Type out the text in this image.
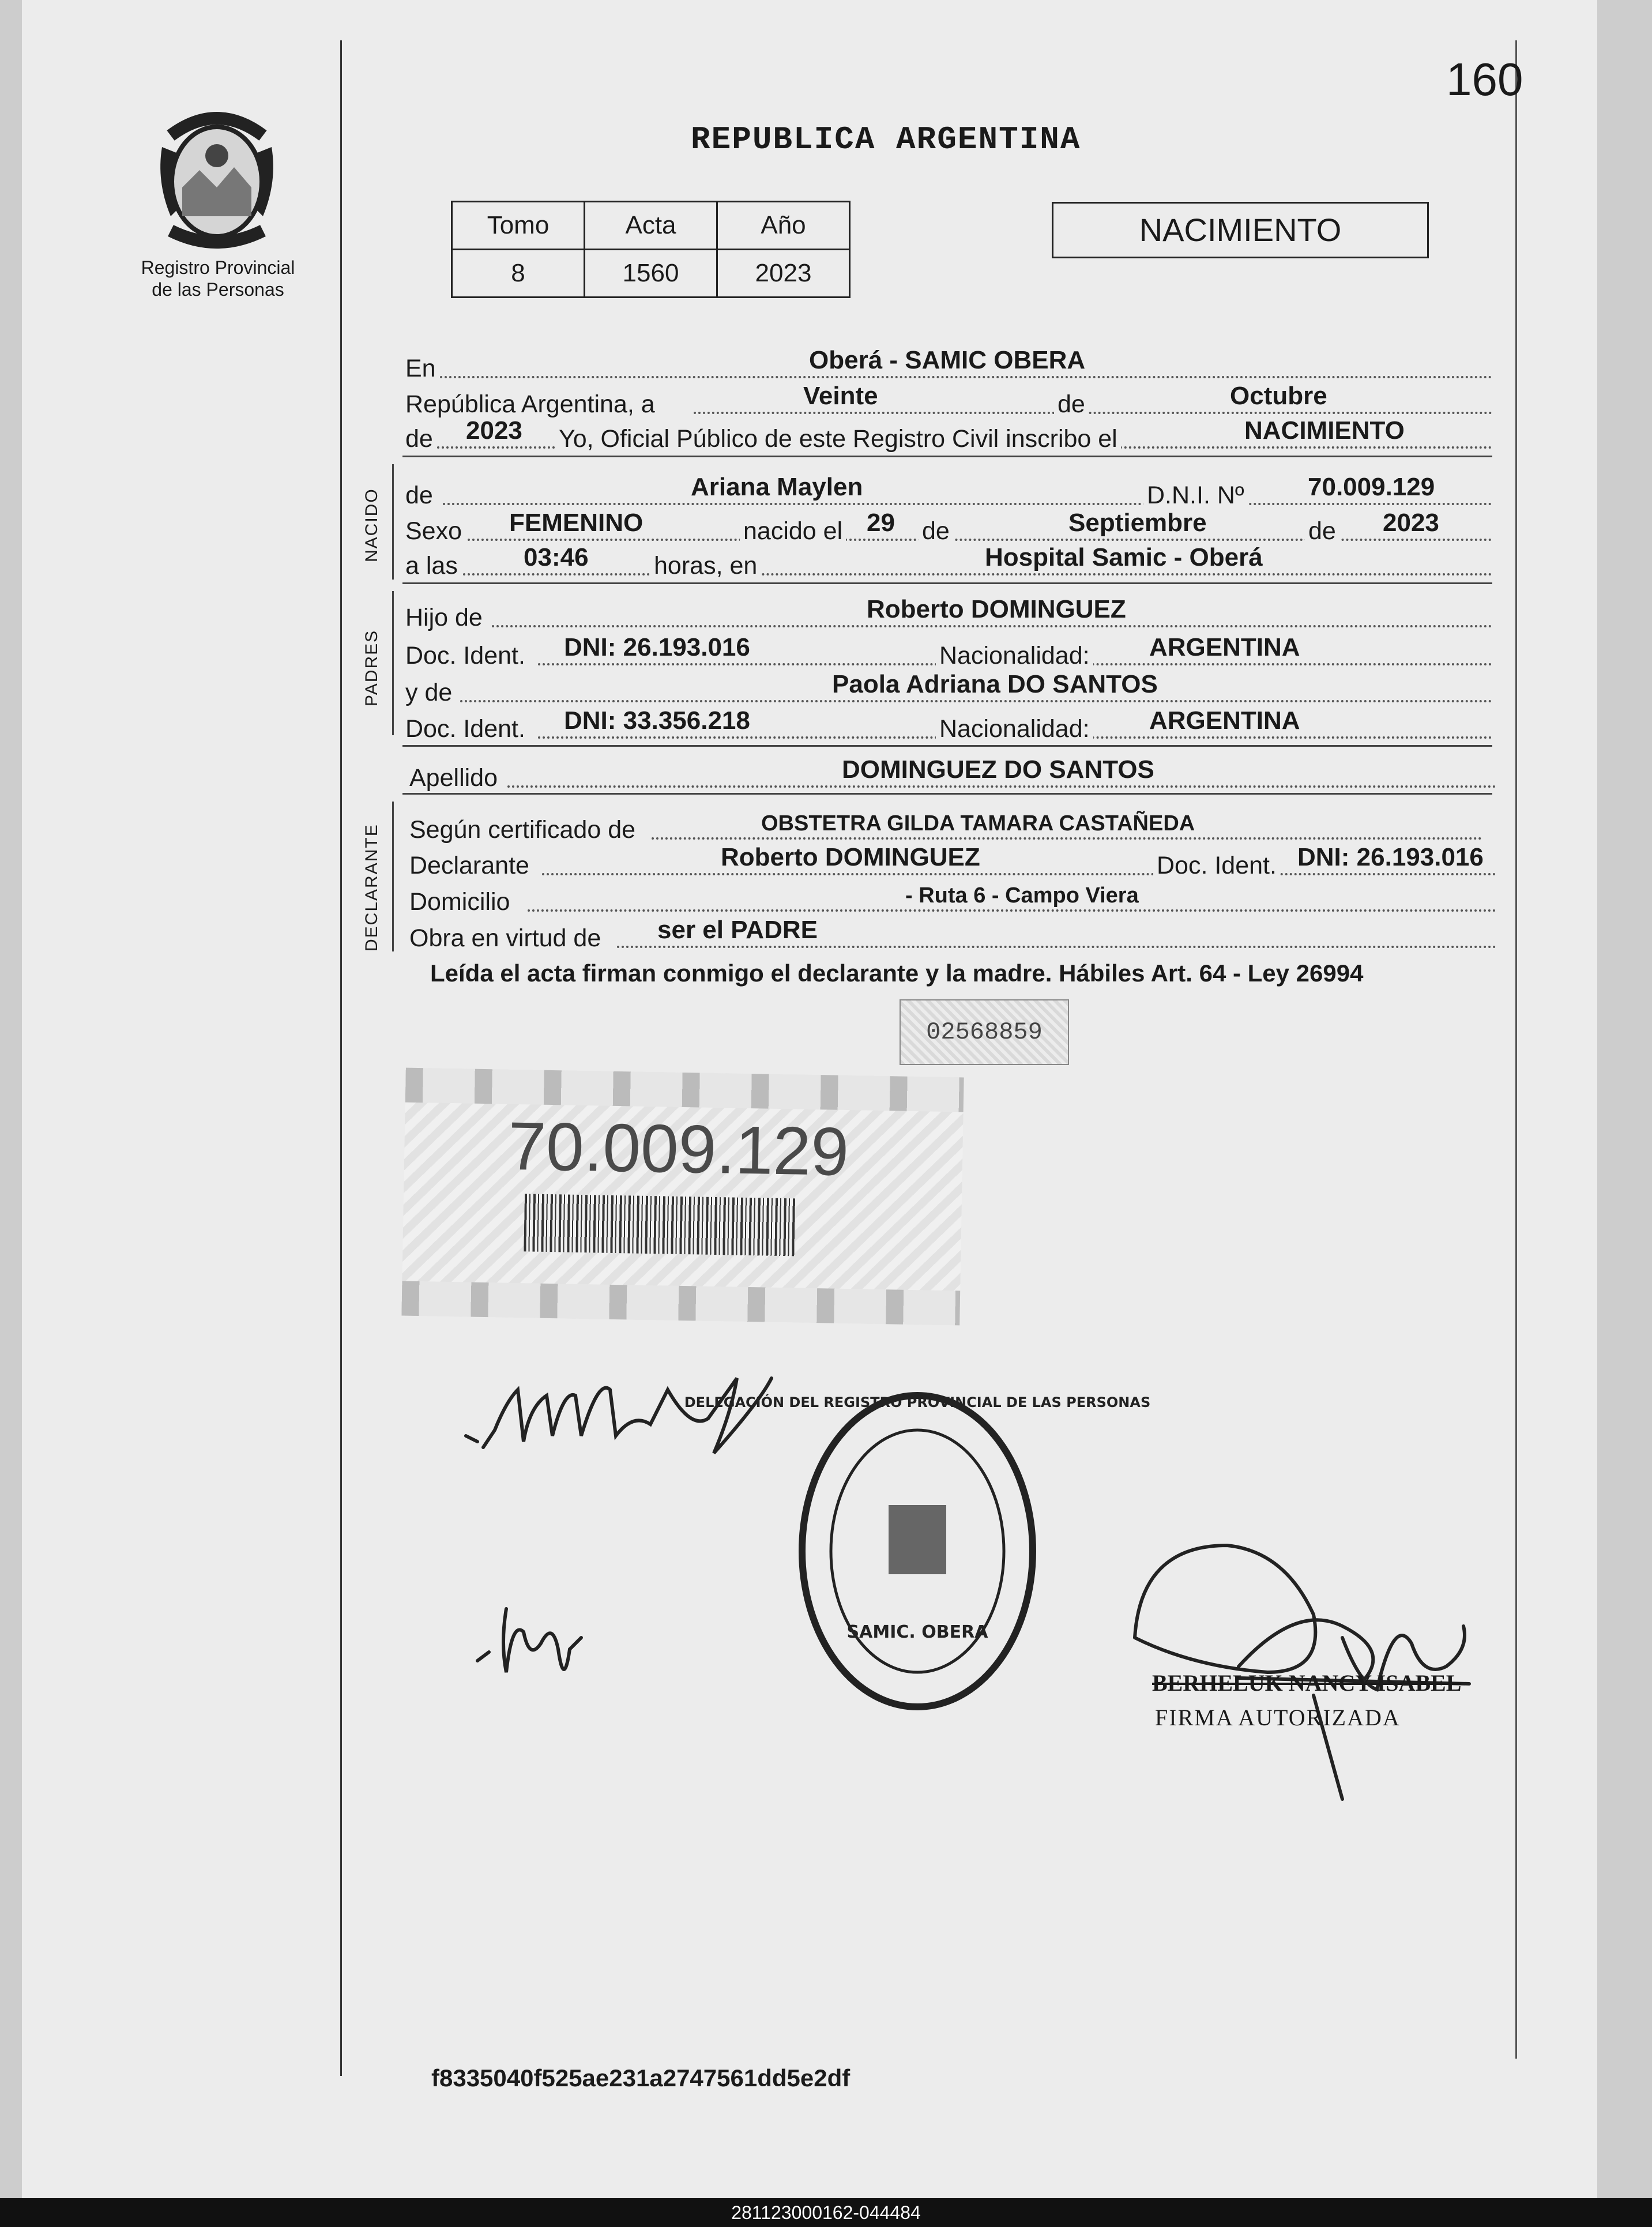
160
Registro Provincial
de las Personas
REPUBLICA ARGENTINA
Tomo	Acta	Año
8	1560	2023
NACIMIENTO
En	Oberá - SAMIC OBERA
República Argentina, a	Veinte	de	Octubre
de 2023 Yo, Oficial Público de este Registro Civil inscribo el	NACIMIENTO
NACIDO de	Ariana Maylen	D.N.I. Nº	70.009.129
Sexo FEMENINO	nacido el 29 de	Septiembre	de 2023
a las	03:46	horas, en	Hospital Samic - Oberá
PADRES
Hijo de	Roberto DOMINGUEZ
Doc. Ident. DNI: 26.193.016	Nacionalidad: ARGENTINA
y de	Paola Adriana DO SANTOS
Doc. Ident. DNI: 33.356.218	Nacionalidad: ARGENTINA
Apellido	DOMINGUEZ DO SANTOS
DECLARANTE Según certificado de	OBSTETRA GILDA TAMARA CASTAÑEDA
Declarante	Roberto DOMINGUEZ	Doc. Ident. DNI: 26.193.016
Domicilio	- Ruta 6 - Campo Viera
Obra en virtud de ser el PADRE
Leída el acta firman conmigo el declarante y la madre. Hábiles Art. 64 - Ley 26994
02568859
70.009.129
DELEGACIÓN DEL REGISTRO PROVINCIAL DE LAS PERSONAS
SAMIC. OBERA
BERHELUK NANCY ISABEL
FIRMA AUTORIZADA
f8335040f525ae231a2747561dd5e2df
281123000162-044484
